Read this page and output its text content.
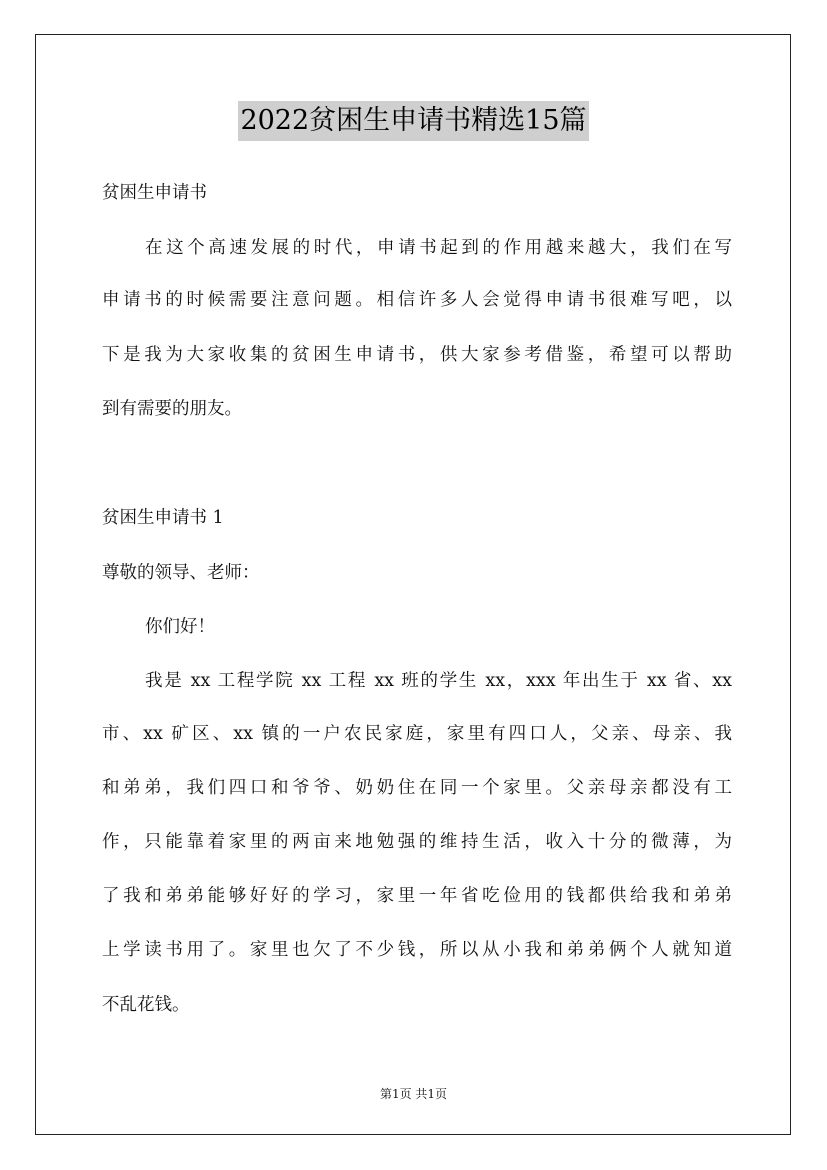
2022贫困生申请书精选15篇
贫困生申请书
在这个高速发展的时代，申请书起到的作用越来越大，我们在写
申请书的时候需要注意问题。相信许多人会觉得申请书很难写吧，以
下是我为大家收集的贫困生申请书，供大家参考借鉴，希望可以帮助
到有需要的朋友。
贫困生申请书 1
尊敬的领导、老师：
你们好！
我是 xx 工程学院 xx 工程 xx 班的学生 xx，xxx 年出生于 xx 省、xx
市、xx 矿区、xx 镇的一户农民家庭，家里有四口人，父亲、母亲、我
和弟弟，我们四口和爷爷、奶奶住在同一个家里。父亲母亲都没有工
作，只能靠着家里的两亩来地勉强的维持生活，收入十分的微薄，为
了我和弟弟能够好好的学习，家里一年省吃俭用的钱都供给我和弟弟
上学读书用了。家里也欠了不少钱，所以从小我和弟弟俩个人就知道
不乱花钱。
第1页 共1页
